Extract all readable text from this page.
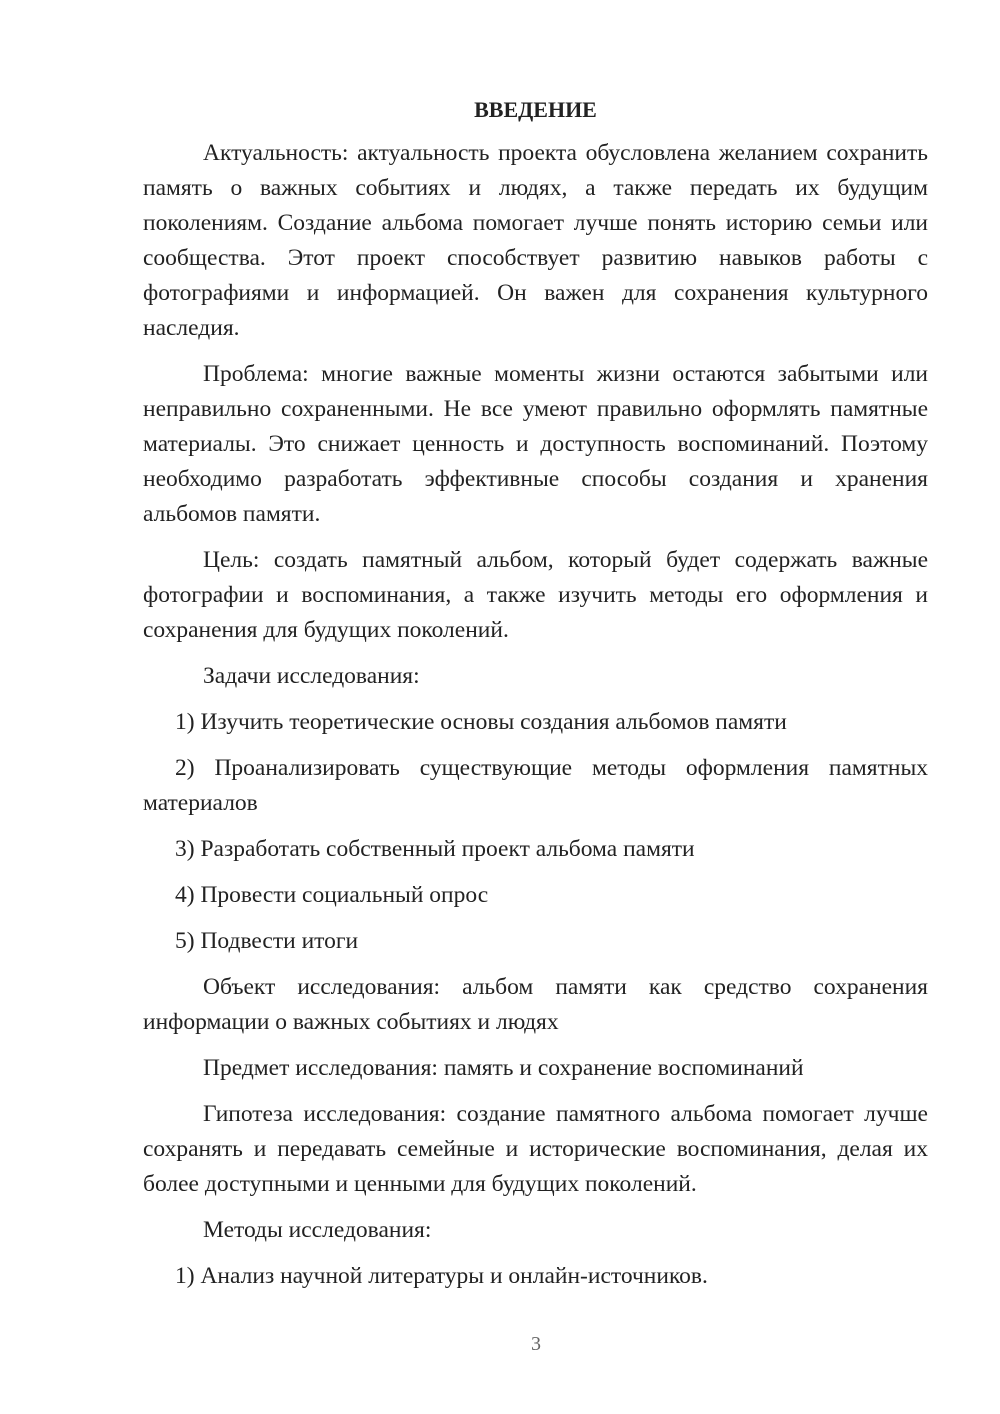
ВВЕДЕНИЕ

Актуальность: актуальность проекта обусловлена желанием сохранить память о важных событиях и людях, а также передать их будущим поколениям. Создание альбома помогает лучше понять историю семьи или сообщества. Этот проект способствует развитию навыков работы с фотографиями и информацией. Он важен для сохранения культурного наследия.

Проблема: многие важные моменты жизни остаются забытыми или неправильно сохраненными. Не все умеют правильно оформлять памятные материалы. Это снижает ценность и доступность воспоминаний. Поэтому необходимо разработать эффективные способы создания и хранения альбомов памяти.

Цель: создать памятный альбом, который будет содержать важные фотографии и воспоминания, а также изучить методы его оформления и сохранения для будущих поколений.

Задачи исследования:

1) Изучить теоретические основы создания альбомов памяти

2) Проанализировать существующие методы оформления памятных материалов

3) Разработать собственный проект альбома памяти

4) Провести социальный опрос

5) Подвести итоги

Объект исследования: альбом памяти как средство сохранения информации о важных событиях и людях

Предмет исследования: память и сохранение воспоминаний

Гипотеза исследования: создание памятного альбома помогает лучше сохранять и передавать семейные и исторические воспоминания, делая их более доступными и ценными для будущих поколений.

Методы исследования:

1) Анализ научной литературы и онлайн-источников.

3
